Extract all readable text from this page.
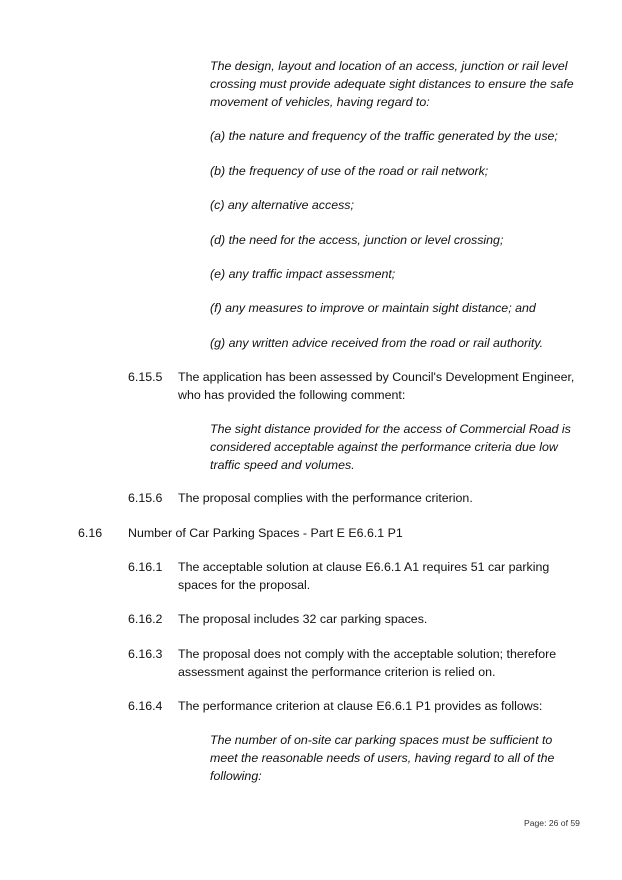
The design, layout and location of an access, junction or rail level
crossing must provide adequate sight distances to ensure the safe
movement of vehicles, having regard to:
(a) the nature and frequency of the traffic generated by the use;
(b) the frequency of use of the road or rail network;
(c) any alternative access;
(d) the need for the access, junction or level crossing;
(e) any traffic impact assessment;
(f) any measures to improve or maintain sight distance; and
(g) any written advice received from the road or rail authority.
6.15.5 The application has been assessed by Council's Development Engineer,
who has provided the following comment:
The sight distance provided for the access of Commercial Road is
considered acceptable against the performance criteria due low
traffic speed and volumes.
6.15.6 The proposal complies with the performance criterion.
6.16 Number of Car Parking Spaces - Part E E6.6.1 P1
6.16.1 The acceptable solution at clause E6.6.1 A1 requires 51 car parking
spaces for the proposal.
6.16.2 The proposal includes 32 car parking spaces.
6.16.3 The proposal does not comply with the acceptable solution; therefore
assessment against the performance criterion is relied on.
6.16.4 The performance criterion at clause E6.6.1 P1 provides as follows:
The number of on-site car parking spaces must be sufficient to
meet the reasonable needs of users, having regard to all of the
following:
Page: 26 of 59
